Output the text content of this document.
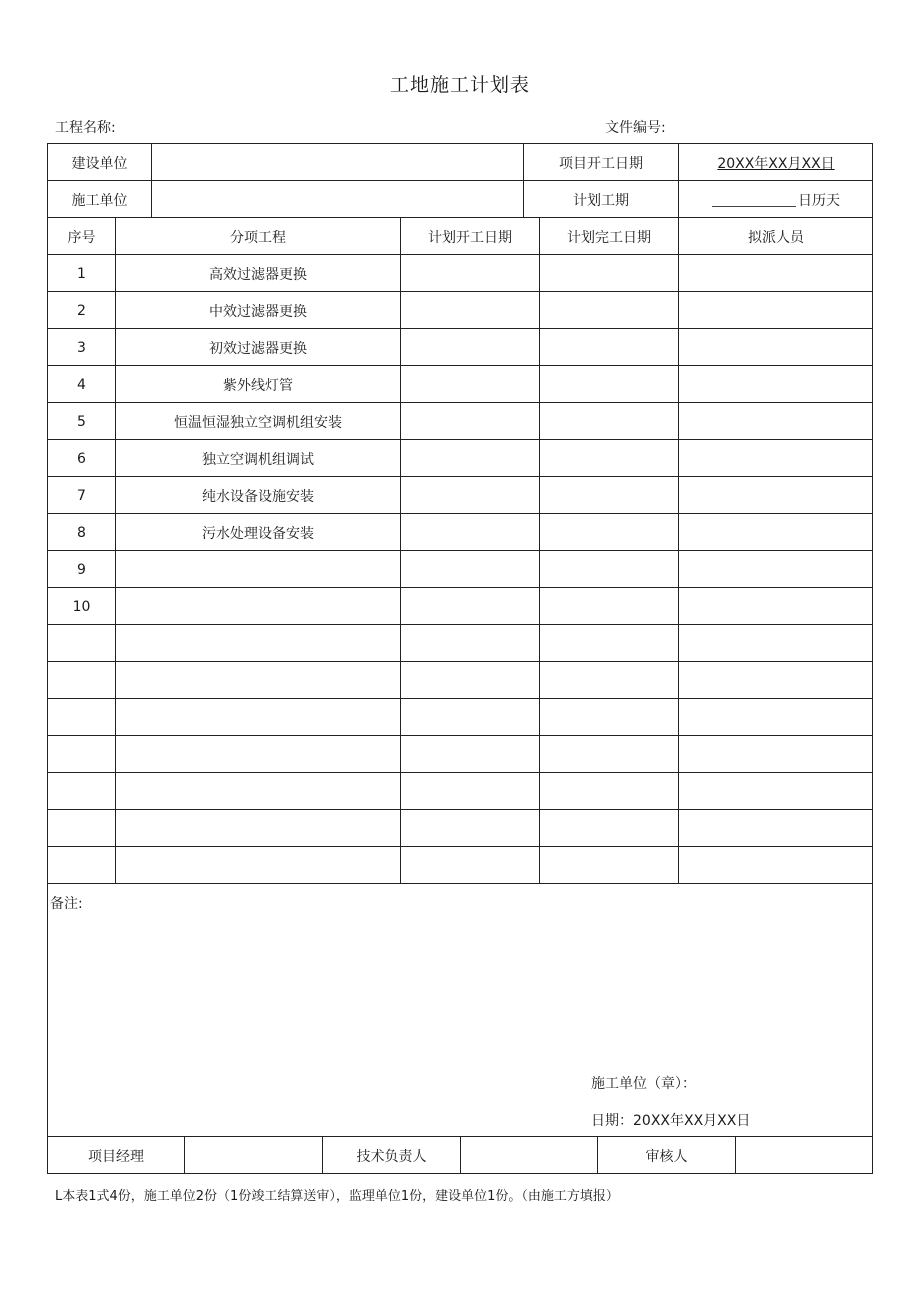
工地施工计划表
工程名称:	文件编号:
建设单位	项目开工日期	20XX年XX月XX日
施工单位	计划工期	日历天
序号	分项工程	计划开工日期	计划完工日期	拟派人员
1	高效过滤器更换
2	中效过滤器更换
3	初效过滤器更换
4	紫外线灯管
5	恒温恒湿独立空调机组安装
6	独立空调机组调试
7	纯水设备设施安装
8	污水处理设备安装
9
10
备注:
施工单位（章）：
日期：20XX年XX月XX日
项目经理	技术负责人	审核人
L本表1式4份，施工单位2份（1份竣工结算送审），监理单位1份，建设单位1份。（由施工方填报）
